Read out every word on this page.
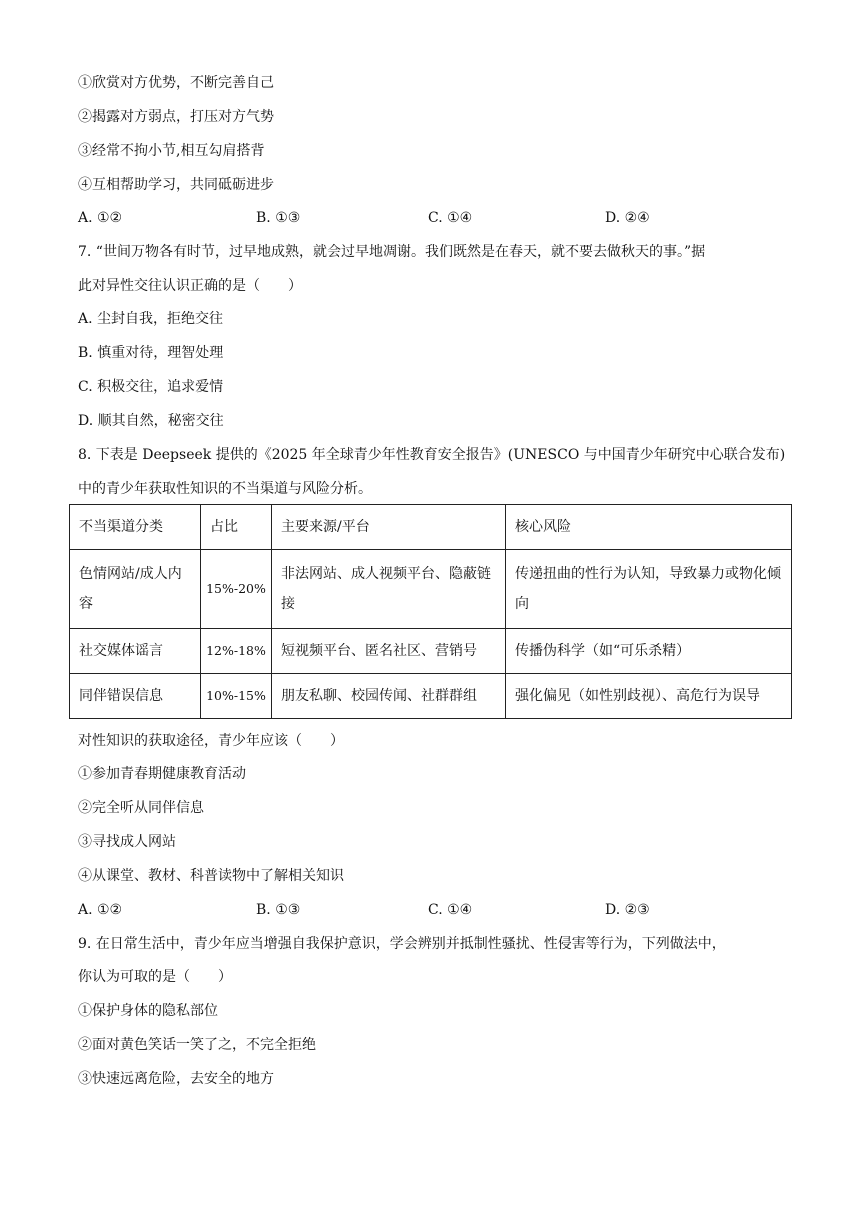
①欣赏对方优势，不断完善自己
②揭露对方弱点，打压对方气势
③经常不拘小节,相互勾肩搭背
④互相帮助学习，共同砥砺进步
A. ①②	B. ①③	C. ①④	D. ②④
7. “世间万物各有时节，过早地成熟，就会过早地凋谢。我们既然是在春天，就不要去做秋天的事。”据
此对异性交往认识正确的是（　　）
A. 尘封自我，拒绝交往
B. 慎重对待，理智处理
C. 积极交往，追求爱情
D. 顺其自然，秘密交往
8. 下表是 Deepseek 提供的《2025 年全球青少年性教育安全报告》(UNESCO 与中国青少年研究中心联合发布)
中的青少年获取性知识的不当渠道与风险分析。
不当渠道分类	占比	主要来源/平台	核心风险
色情网站/成人内容	15%-20%	非法网站、成人视频平台、隐蔽链接	传递扭曲的性行为认知，导致暴力或物化倾向
社交媒体谣言	12%-18%	短视频平台、匿名社区、营销号	传播伪科学（如“可乐杀精）
同伴错误信息	10%-15%	朋友私聊、校园传闻、社群群组	强化偏见（如性别歧视）、高危行为误导
对性知识的获取途径，青少年应该（　　）
①参加青春期健康教育活动
②完全听从同伴信息
③寻找成人网站
④从课堂、教材、科普读物中了解相关知识
A. ①②	B. ①③	C. ①④	D. ②③
9. 在日常生活中，青少年应当增强自我保护意识，学会辨别并抵制性骚扰、性侵害等行为，下列做法中，
你认为可取的是（　　）
①保护身体的隐私部位
②面对黄色笑话一笑了之，不完全拒绝
③快速远离危险，去安全的地方
